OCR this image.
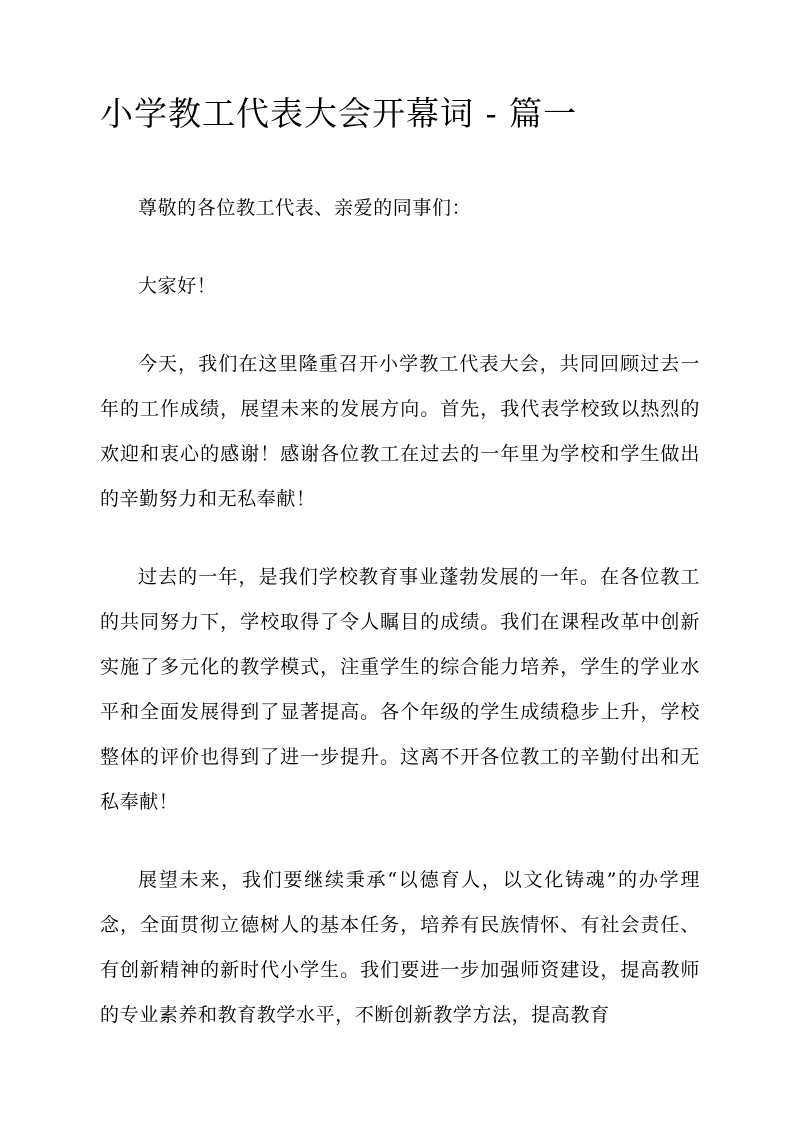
小学教工代表大会开幕词 - 篇一

尊敬的各位教工代表、亲爱的同事们：

大家好！

今天，我们在这里隆重召开小学教工代表大会，共同回顾过去一年的工作成绩，展望未来的发展方向。首先，我代表学校致以热烈的欢迎和衷心的感谢！感谢各位教工在过去的一年里为学校和学生做出的辛勤努力和无私奉献！

过去的一年，是我们学校教育事业蓬勃发展的一年。在各位教工的共同努力下，学校取得了令人瞩目的成绩。我们在课程改革中创新实施了多元化的教学模式，注重学生的综合能力培养，学生的学业水平和全面发展得到了显著提高。各个年级的学生成绩稳步上升，学校整体的评价也得到了进一步提升。这离不开各位教工的辛勤付出和无私奉献！

展望未来，我们要继续秉承“以德育人，以文化铸魂”的办学理念，全面贯彻立德树人的基本任务，培养有民族情怀、有社会责任、有创新精神的新时代小学生。我们要进一步加强师资建设，提高教师的专业素养和教育教学水平，不断创新教学方法，提高教育
